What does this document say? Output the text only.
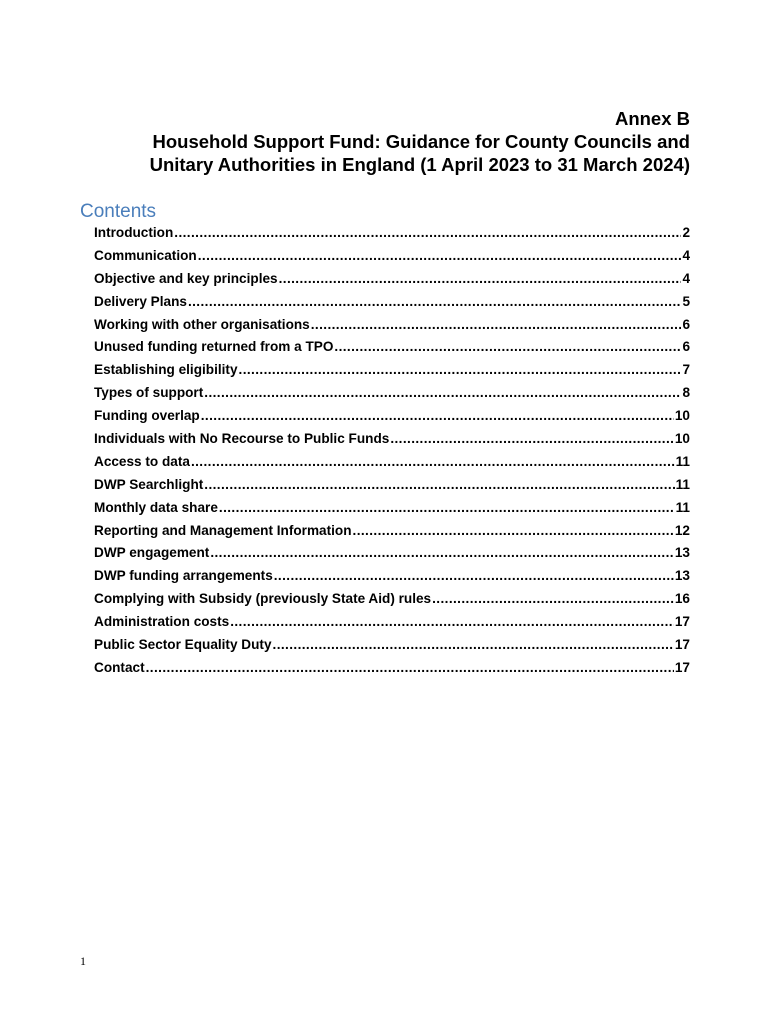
Annex B
Household Support Fund: Guidance for County Councils and
Unitary Authorities in England (1 April 2023 to 31 March 2024)
Contents
Introduction .....	2
Communication .....	4
Objective and key principles .....	4
Delivery Plans .....	5
Working with other organisations .....	6
Unused funding returned from a TPO .....	6
Establishing eligibility .....	7
Types of support .....	8
Funding overlap .....	10
Individuals with No Recourse to Public Funds .....	10
Access to data .....	11
DWP Searchlight .....	11
Monthly data share .....	11
Reporting and Management Information .....	12
DWP engagement .....	13
DWP funding arrangements .....	13
Complying with Subsidy (previously State Aid) rules .....	16
Administration costs .....	17
Public Sector Equality Duty .....	17
Contact .....	17
1
